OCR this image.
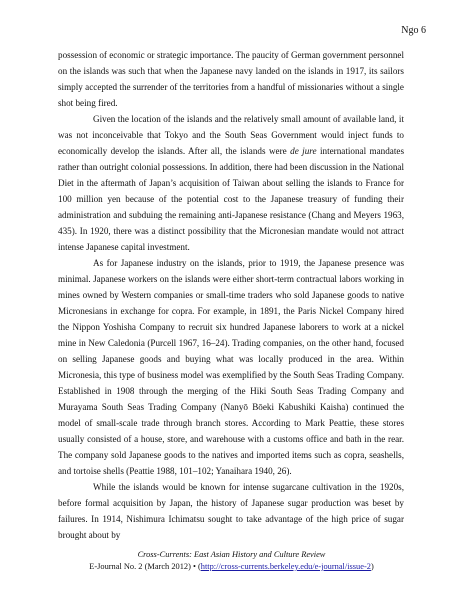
Ngo 6

possession of economic or strategic importance. The paucity of German government personnel on the islands was such that when the Japanese navy landed on the islands in 1917, its sailors simply accepted the surrender of the territories from a handful of missionaries without a single shot being fired.

Given the location of the islands and the relatively small amount of available land, it was not inconceivable that Tokyo and the South Seas Government would inject funds to economically develop the islands. After all, the islands were de jure international mandates rather than outright colonial possessions. In addition, there had been discussion in the National Diet in the aftermath of Japan’s acquisition of Taiwan about selling the islands to France for 100 million yen because of the potential cost to the Japanese treasury of funding their administration and subduing the remaining anti-Japanese resistance (Chang and Meyers 1963, 435). In 1920, there was a distinct possibility that the Micronesian mandate would not attract intense Japanese capital investment.

As for Japanese industry on the islands, prior to 1919, the Japanese presence was minimal. Japanese workers on the islands were either short-term contractual labors working in mines owned by Western companies or small-time traders who sold Japanese goods to native Micronesians in exchange for copra. For example, in 1891, the Paris Nickel Company hired the Nippon Yoshisha Company to recruit six hundred Japanese laborers to work at a nickel mine in New Caledonia (Purcell 1967, 16–24). Trading companies, on the other hand, focused on selling Japanese goods and buying what was locally produced in the area. Within Micronesia, this type of business model was exemplified by the South Seas Trading Company. Established in 1908 through the merging of the Hiki South Seas Trading Company and Murayama South Seas Trading Company (Nanyō Bōeki Kabushiki Kaisha) continued the model of small-scale trade through branch stores. According to Mark Peattie, these stores usually consisted of a house, store, and warehouse with a customs office and bath in the rear. The company sold Japanese goods to the natives and imported items such as copra, seashells, and tortoise shells (Peattie 1988, 101–102; Yanaihara 1940, 26).

While the islands would be known for intense sugarcane cultivation in the 1920s, before formal acquisition by Japan, the history of Japanese sugar production was beset by failures. In 1914, Nishimura Ichimatsu sought to take advantage of the high price of sugar brought about by

Cross-Currents: East Asian History and Culture Review
E-Journal No. 2 (March 2012) • (http://cross-currents.berkeley.edu/e-journal/issue-2)
